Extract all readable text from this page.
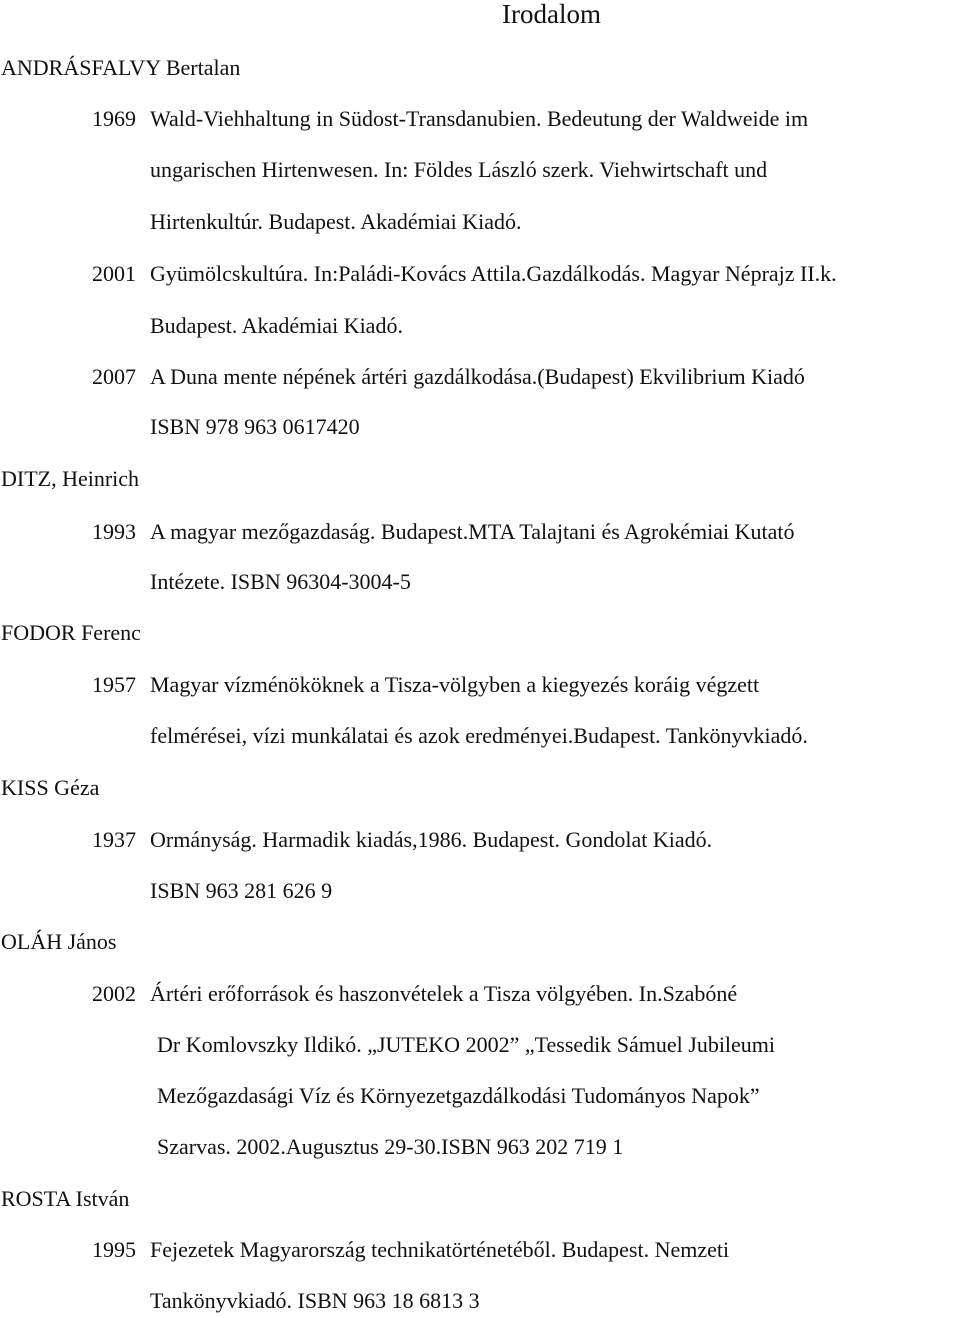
Irodalom
ANDRÁSFALVY Bertalan
1969 Wald-Viehhaltung in Südost-Transdanubien. Bedeutung der Waldweide im
ungarischen Hirtenwesen. In: Földes László szerk. Viehwirtschaft und
Hirtenkultúr. Budapest. Akadémiai Kiadó.
2001 Gyümölcskultúra. In:Paládi-Kovács Attila.Gazdálkodás. Magyar Néprajz II.k.
Budapest. Akadémiai Kiadó.
2007 A Duna mente népének ártéri gazdálkodása.(Budapest) Ekvilibrium Kiadó
ISBN 978 963 0617420
DITZ, Heinrich
1993 A magyar mezőgazdaság. Budapest.MTA Talajtani és Agrokémiai Kutató
Intézete. ISBN 96304-3004-5
FODOR Ferenc
1957 Magyar vízménököknek a Tisza-völgyben a kiegyezés koráig végzett
felmérései, vízi munkálatai és azok eredményei.Budapest. Tankönyvkiadó.
KISS Géza
1937 Ormányság. Harmadik kiadás,1986. Budapest. Gondolat Kiadó.
ISBN 963 281 626 9
OLÁH János
2002 Ártéri erőforrások és haszonvételek a Tisza völgyében. In.Szabóné
Dr Komlovszky Ildikó. „JUTEKO 2002” „Tessedik Sámuel Jubileumi
Mezőgazdasági Víz és Környezetgazdálkodási Tudományos Napok”
Szarvas. 2002.Augusztus 29-30.ISBN 963 202 719 1
ROSTA István
1995 Fejezetek Magyarország technikatörténetéből. Budapest. Nemzeti
Tankönyvkiadó. ISBN 963 18 6813 3
